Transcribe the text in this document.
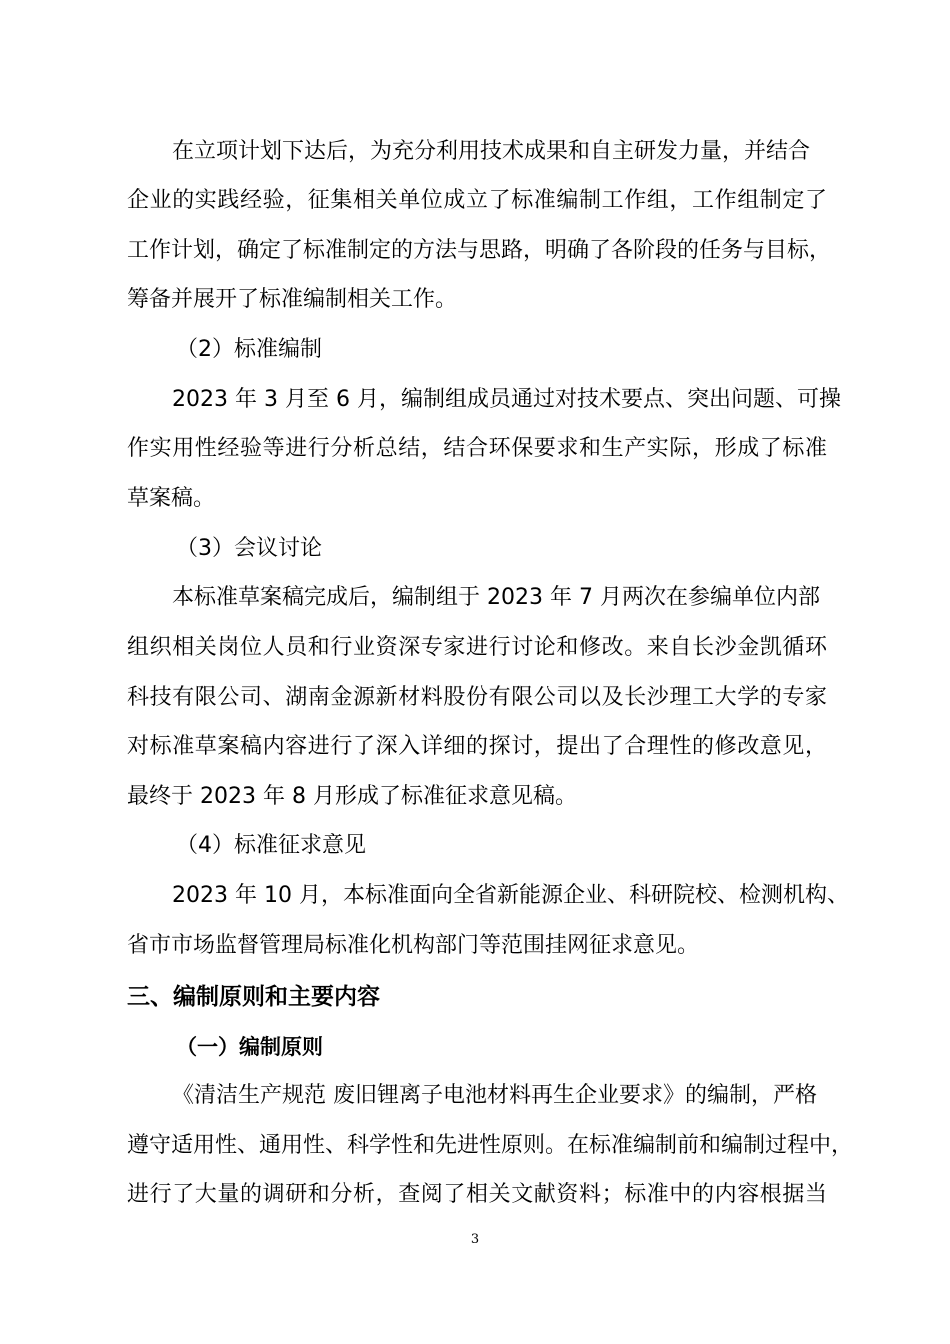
在立项计划下达后，为充分利用技术成果和自主研发力量，并结合
企业的实践经验，征集相关单位成立了标准编制工作组，工作组制定了
工作计划，确定了标准制定的方法与思路，明确了各阶段的任务与目标，
筹备并展开了标准编制相关工作。
（2）标准编制
2023 年 3 月至 6 月，编制组成员通过对技术要点、突出问题、可操
作实用性经验等进行分析总结，结合环保要求和生产实际，形成了标准
草案稿。
（3）会议讨论
本标准草案稿完成后，编制组于 2023 年 7 月两次在参编单位内部
组织相关岗位人员和行业资深专家进行讨论和修改。来自长沙金凯循环
科技有限公司、湖南金源新材料股份有限公司以及长沙理工大学的专家
对标准草案稿内容进行了深入详细的探讨，提出了合理性的修改意见，
最终于 2023 年 8 月形成了标准征求意见稿。
（4）标准征求意见
2023 年 10 月，本标准面向全省新能源企业、科研院校、检测机构、
省市市场监督管理局标准化机构部门等范围挂网征求意见。
三、编制原则和主要内容
（一）编制原则
《清洁生产规范 废旧锂离子电池材料再生企业要求》的编制，严格
遵守适用性、通用性、科学性和先进性原则。在标准编制前和编制过程中，
进行了大量的调研和分析，查阅了相关文献资料；标准中的内容根据当
3
